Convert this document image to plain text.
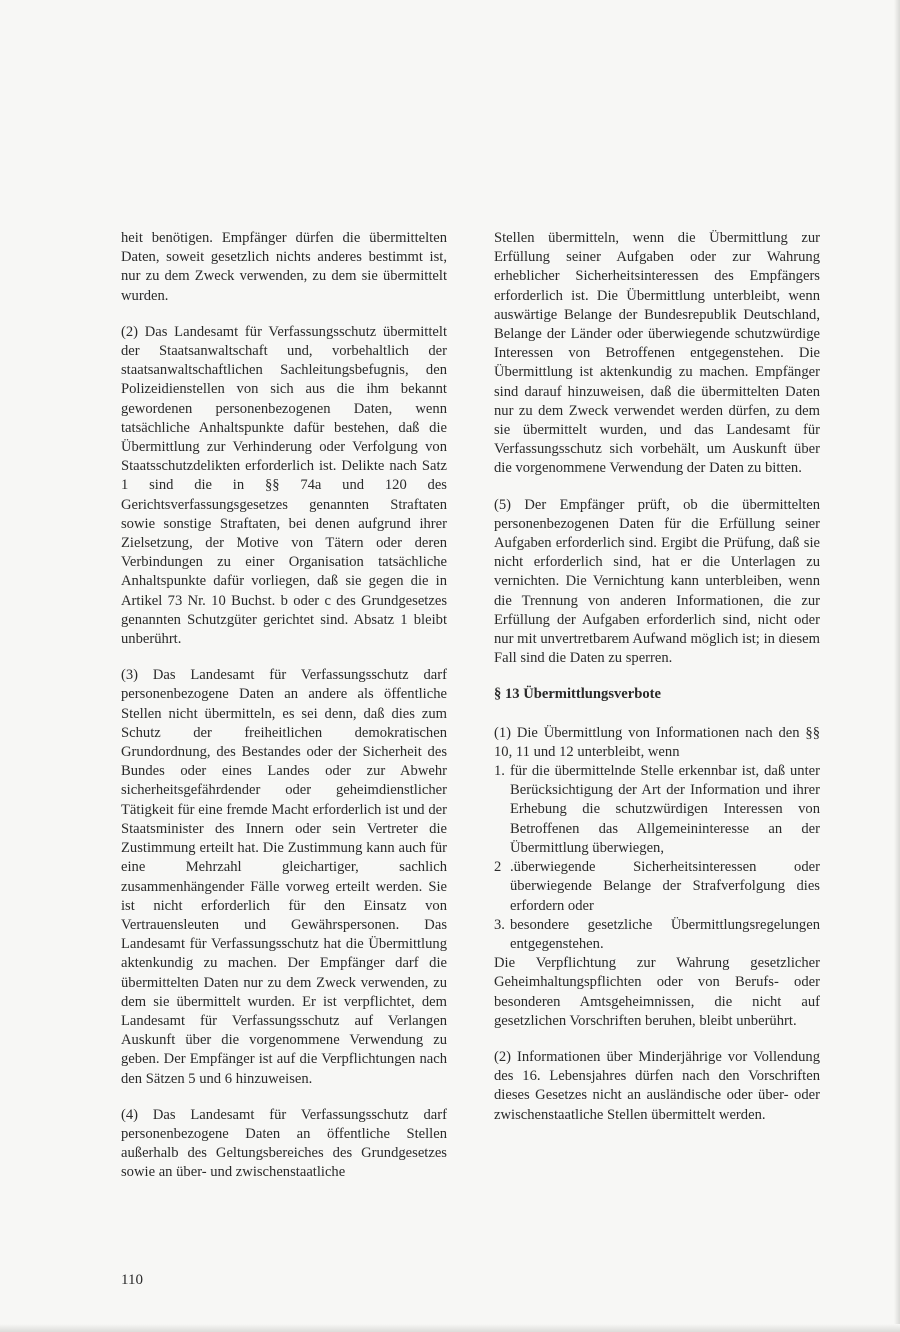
heit benötigen. Empfänger dürfen die übermittelten Daten, soweit gesetzlich nichts anderes bestimmt ist, nur zu dem Zweck verwenden, zu dem sie übermittelt wurden.

(2) Das Landesamt für Verfassungsschutz übermittelt der Staatsanwaltschaft und, vorbehaltlich der staatsanwaltschaftlichen Sachleitungsbefugnis, den Polizeidienstellen von sich aus die ihm bekannt gewordenen personenbezogenen Daten, wenn tatsächliche Anhaltspunkte dafür bestehen, daß die Übermittlung zur Verhinderung oder Verfolgung von Staatsschutzdelikten erforderlich ist. Delikte nach Satz 1 sind die in §§ 74a und 120 des Gerichtsverfassungsgesetzes genannten Straftaten sowie sonstige Straftaten, bei denen aufgrund ihrer Zielsetzung, der Motive von Tätern oder deren Verbindungen zu einer Organisation tatsächliche Anhaltspunkte dafür vorliegen, daß sie gegen die in Artikel 73 Nr. 10 Buchst. b oder c des Grundgesetzes genannten Schutzgüter gerichtet sind. Absatz 1 bleibt unberührt.

(3) Das Landesamt für Verfassungsschutz darf personenbezogene Daten an andere als öffentliche Stellen nicht übermitteln, es sei denn, daß dies zum Schutz der freiheitlichen demokratischen Grundordnung, des Bestandes oder der Sicherheit des Bundes oder eines Landes oder zur Abwehr sicherheitsgefährdender oder geheimdienstlicher Tätigkeit für eine fremde Macht erforderlich ist und der Staatsminister des Innern oder sein Vertreter die Zustimmung erteilt hat. Die Zustimmung kann auch für eine Mehrzahl gleichartiger, sachlich zusammenhängender Fälle vorweg erteilt werden. Sie ist nicht erforderlich für den Einsatz von Vertrauensleuten und Gewährspersonen. Das Landesamt für Verfassungsschutz hat die Übermittlung aktenkundig zu machen. Der Empfänger darf die übermittelten Daten nur zu dem Zweck verwenden, zu dem sie übermittelt wurden. Er ist verpflichtet, dem Landesamt für Verfassungsschutz auf Verlangen Auskunft über die vorgenommene Verwendung zu geben. Der Empfänger ist auf die Verpflichtungen nach den Sätzen 5 und 6 hinzuweisen.

(4) Das Landesamt für Verfassungsschutz darf personenbezogene Daten an öffentliche Stellen außerhalb des Geltungsbereiches des Grundgesetzes sowie an über- und zwischenstaatliche

Stellen übermitteln, wenn die Übermittlung zur Erfüllung seiner Aufgaben oder zur Wahrung erheblicher Sicherheitsinteressen des Empfängers erforderlich ist. Die Übermittlung unterbleibt, wenn auswärtige Belange der Bundesrepublik Deutschland, Belange der Länder oder überwiegende schutzwürdige Interessen von Betroffenen entgegenstehen. Die Übermittlung ist aktenkundig zu machen. Empfänger sind darauf hinzuweisen, daß die übermittelten Daten nur zu dem Zweck verwendet werden dürfen, zu dem sie übermittelt wurden, und das Landesamt für Verfassungsschutz sich vorbehält, um Auskunft über die vorgenommene Verwendung der Daten zu bitten.

(5) Der Empfänger prüft, ob die übermittelten personenbezogenen Daten für die Erfüllung seiner Aufgaben erforderlich sind. Ergibt die Prüfung, daß sie nicht erforderlich sind, hat er die Unterlagen zu vernichten. Die Vernichtung kann unterbleiben, wenn die Trennung von anderen Informationen, die zur Erfüllung der Aufgaben erforderlich sind, nicht oder nur mit unvertretbarem Aufwand möglich ist; in diesem Fall sind die Daten zu sperren.

§ 13 Übermittlungsverbote

(1) Die Übermittlung von Informationen nach den §§ 10, 11 und 12 unterbleibt, wenn

1. für die übermittelnde Stelle erkennbar ist, daß unter Berücksichtigung der Art der Information und ihrer Erhebung die schutzwürdigen Interessen von Betroffenen das Allgemeininteresse an der Übermittlung überwiegen,
2 .überwiegende Sicherheitsinteressen oder überwiegende Belange der Strafverfolgung dies erfordern oder
3. besondere gesetzliche Übermittlungsregelungen entgegenstehen.

Die Verpflichtung zur Wahrung gesetzlicher Geheimhaltungspflichten oder von Berufs- oder besonderen Amtsgeheimnissen, die nicht auf gesetzlichen Vorschriften beruhen, bleibt unberührt.

(2) Informationen über Minderjährige vor Vollendung des 16. Lebensjahres dürfen nach den Vorschriften dieses Gesetzes nicht an ausländische oder über- oder zwischenstaatliche Stellen übermittelt werden.

110
